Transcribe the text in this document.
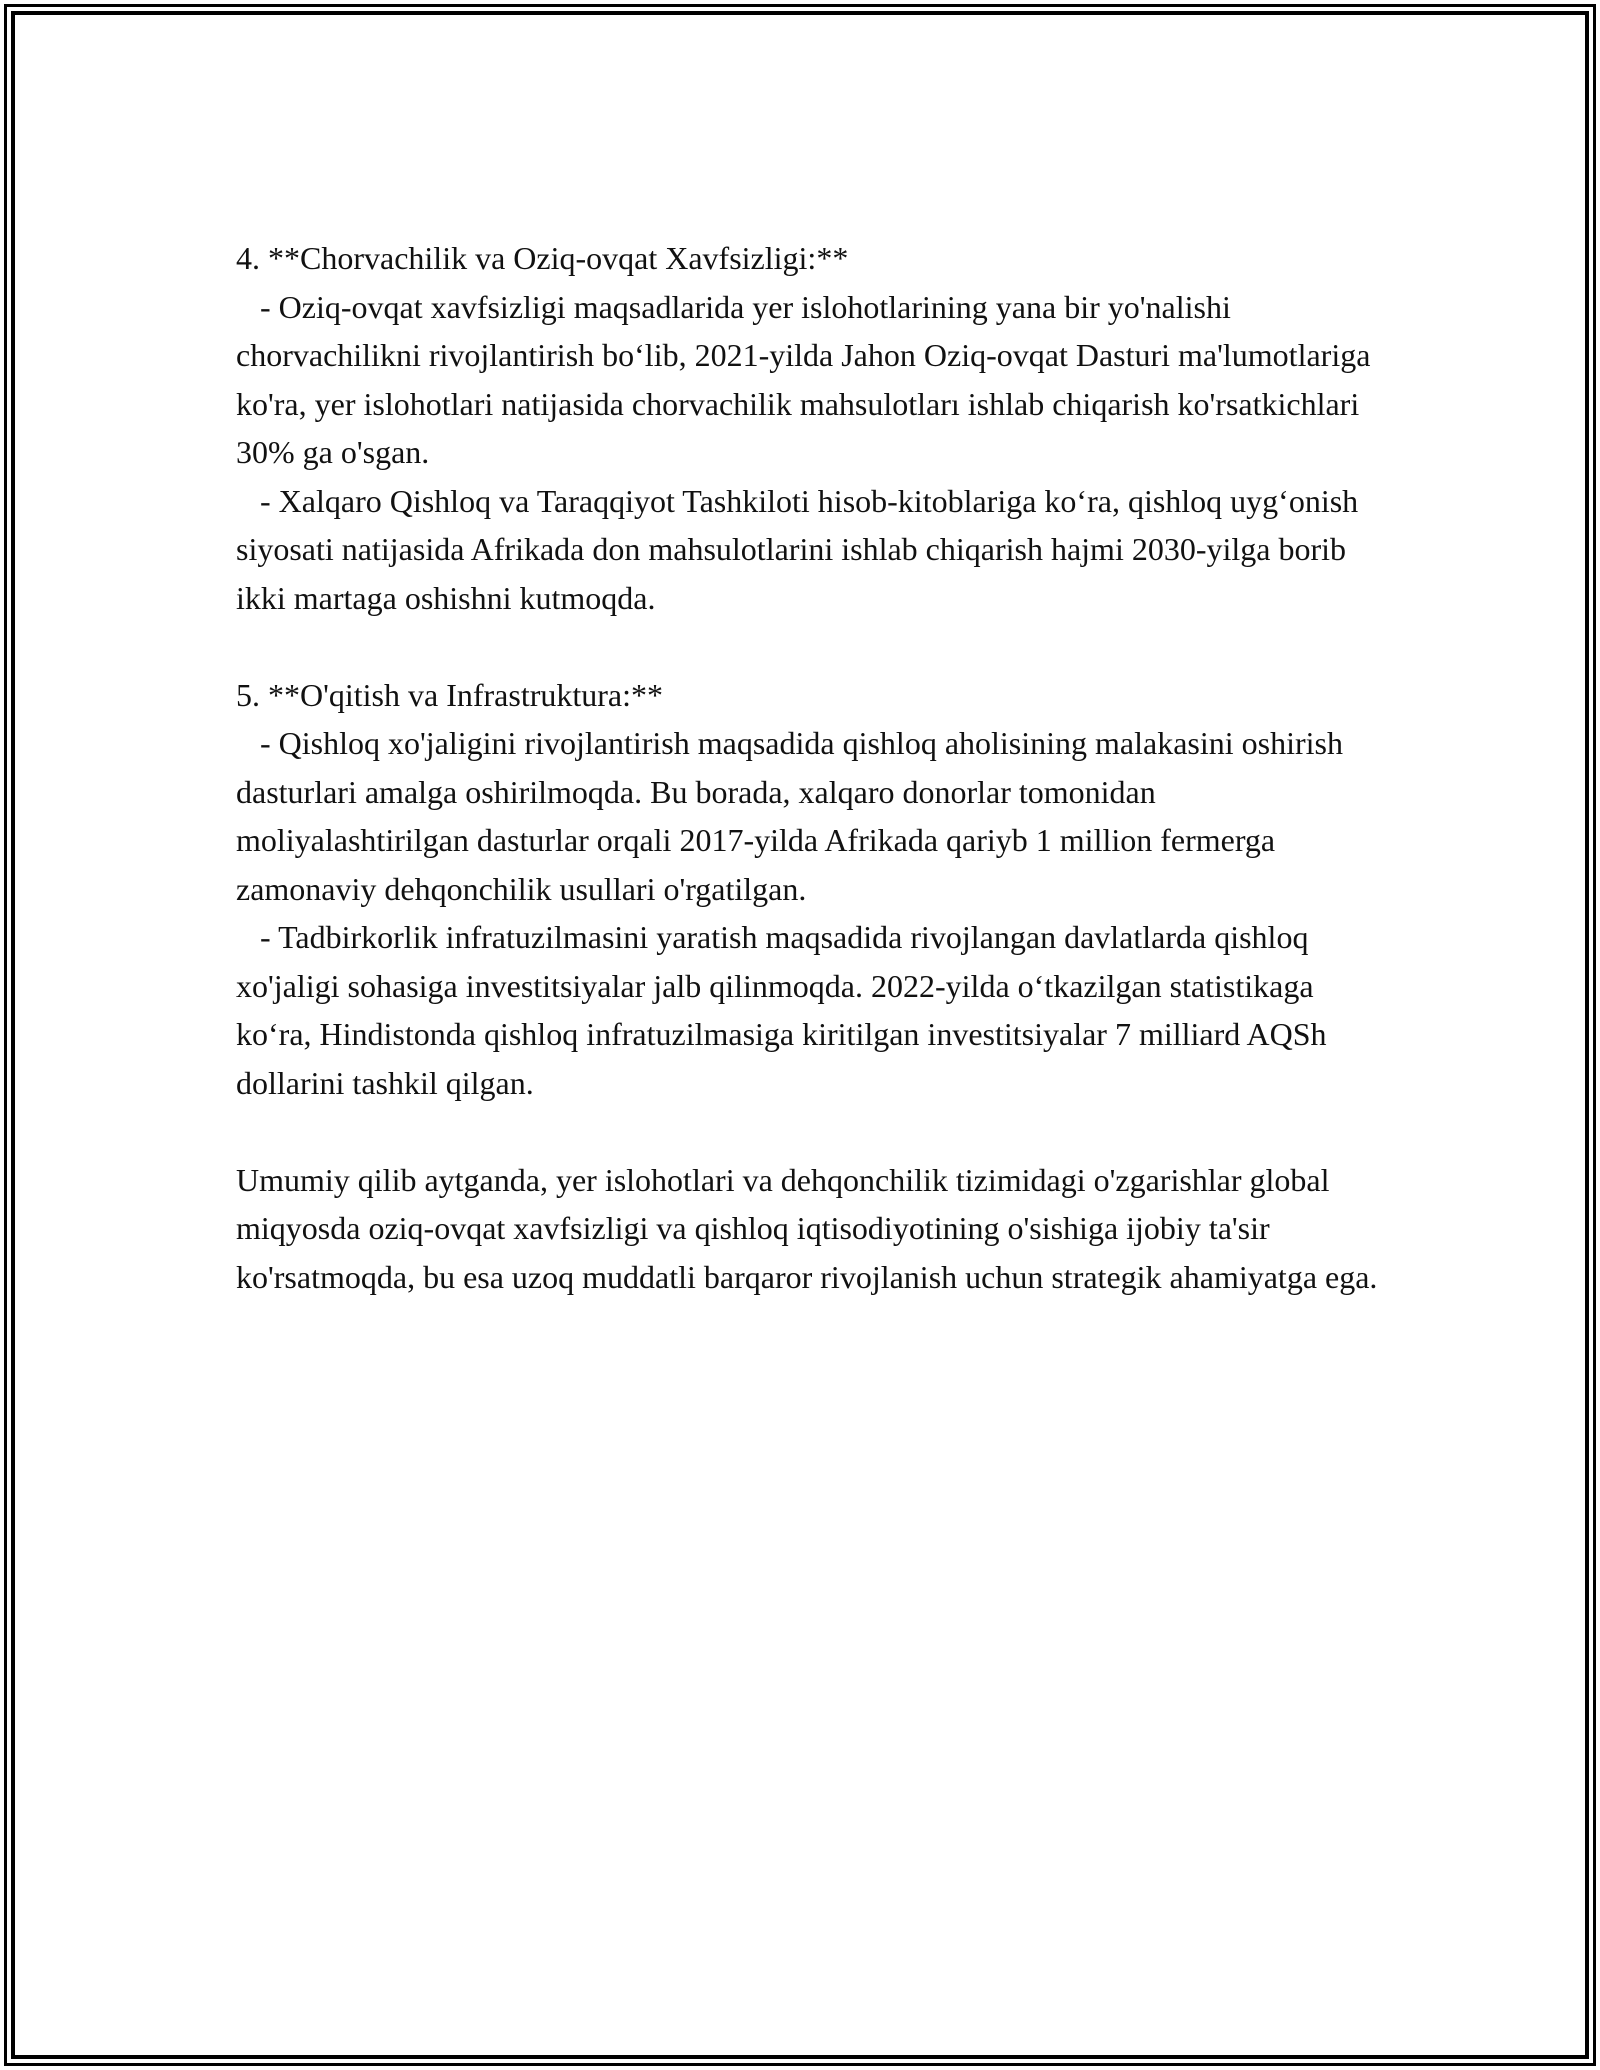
4. **Chorvachilik va Oziq-ovqat Xavfsizligi:**

- Oziq-ovqat xavfsizligi maqsadlarida yer islohotlarining yana bir yo'nalishi chorvachilikni rivojlantirish bo‘lib, 2021-yilda Jahon Oziq-ovqat Dasturi ma'lumotlariga ko'ra, yer islohotlari natijasida chorvachilik mahsulotları ishlab chiqarish ko'rsatkichlari 30% ga o'sgan.

- Xalqaro Qishloq va Taraqqiyot Tashkiloti hisob-kitoblariga ko‘ra, qishloq uyg‘onish siyosati natijasida Afrikada don mahsulotlarini ishlab chiqarish hajmi 2030-yilga borib ikki martaga oshishni kutmoqda.

5. **O'qitish va Infrastruktura:**

- Qishloq xo'jaligini rivojlantirish maqsadida qishloq aholisining malakasini oshirish dasturlari amalga oshirilmoqda. Bu borada, xalqaro donorlar tomonidan moliyalashtirilgan dasturlar orqali 2017-yilda Afrikada qariyb 1 million fermerga zamonaviy dehqonchilik usullari o'rgatilgan.

- Tadbirkorlik infratuzilmasini yaratish maqsadida rivojlangan davlatlarda qishloq xo'jaligi sohasiga investitsiyalar jalb qilinmoqda. 2022-yilda o‘tkazilgan statistikaga ko‘ra, Hindistonda qishloq infratuzilmasiga kiritilgan investitsiyalar 7 milliard AQSh dollarini tashkil qilgan.

Umumiy qilib aytganda, yer islohotlari va dehqonchilik tizimidagi o'zgarishlar global miqyosda oziq-ovqat xavfsizligi va qishloq iqtisodiyotining o'sishiga ijobiy ta'sir ko'rsatmoqda, bu esa uzoq muddatli barqaror rivojlanish uchun strategik ahamiyatga ega.
